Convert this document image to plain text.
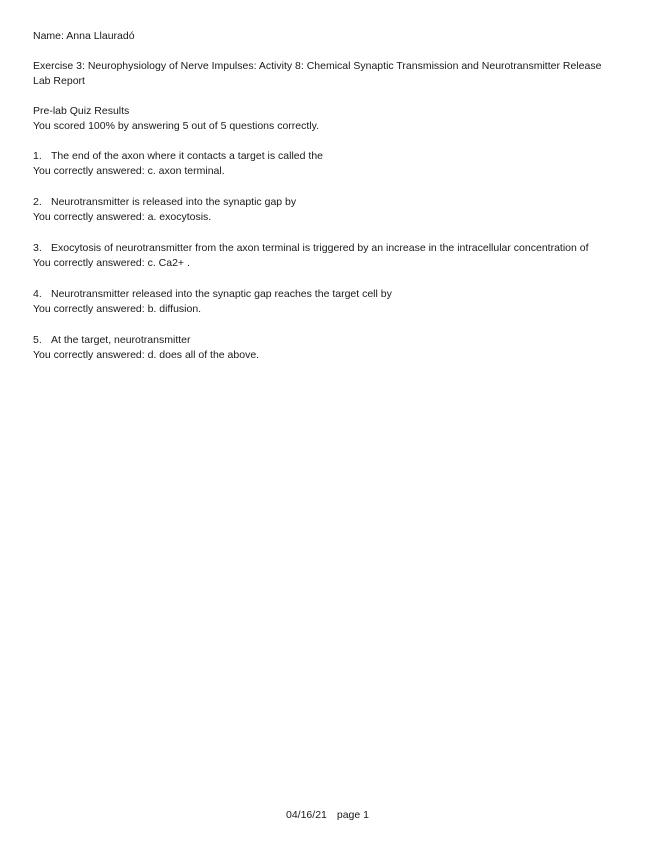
Name: Anna Llauradó
Exercise 3: Neurophysiology of Nerve Impulses: Activity 8: Chemical Synaptic Transmission and Neurotransmitter Release
Lab Report
Pre-lab Quiz Results
You scored 100% by answering 5 out of 5 questions correctly.
1. The end of the axon where it contacts a target is called the
You correctly answered: c. axon terminal.
2. Neurotransmitter is released into the synaptic gap by
You correctly answered: a. exocytosis.
3. Exocytosis of neurotransmitter from the axon terminal is triggered by an increase in the intracellular concentration of
You correctly answered: c. Ca2+ .
4. Neurotransmitter released into the synaptic gap reaches the target cell by
You correctly answered: b. diffusion.
5. At the target, neurotransmitter
You correctly answered: d. does all of the above.
04/16/21 page 1
